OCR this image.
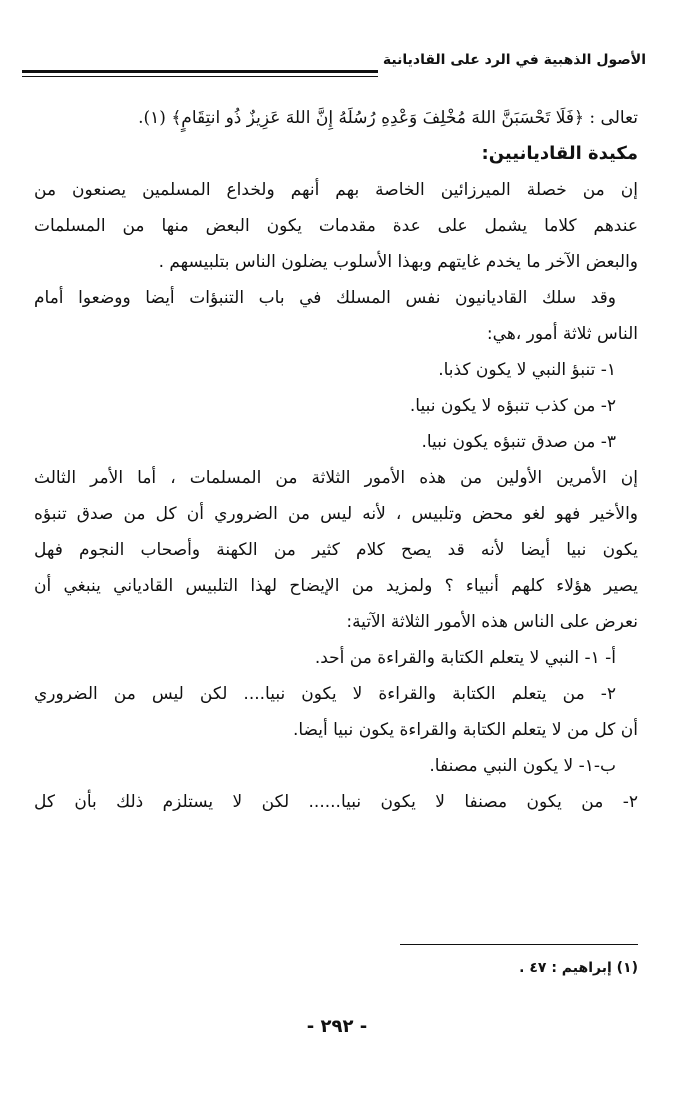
الأصول الذهبية في الرد على القاديانية
تعالى : ﴿فَلَا تَحْسَبَنَّ اللهَ مُخْلِفَ وَعْدِهِ رُسُلَهُ إِنَّ اللهَ عَزِيزٌ ذُو انتِقَامٍ﴾ (١).
مكيدة القاديانيين:
إن من خصلة الميرزائين الخاصة بهم أنهم ولخداع المسلمين يصنعون من
عندهم كلاما يشمل على عدة مقدمات يكون البعض منها من المسلمات
والبعض الآخر ما يخدم غايتهم وبهذا الأسلوب يضلون الناس بتلبيسهم .
وقد سلك القاديانيون نفس المسلك في باب التنبؤات أيضا ووضعوا أمام
الناس ثلاثة أمور ،هي:
١- تنبؤ النبي لا يكون كذبا.
٢- من كذب تنبؤه لا يكون نبيا.
٣- من صدق تنبؤه يكون نبيا.
إن الأمرين الأولين من هذه الأمور الثلاثة من المسلمات ، أما الأمر الثالث
والأخير فهو لغو محض وتلبيس ، لأنه ليس من الضروري أن كل من صدق تنبؤه
يكون نبيا أيضا لأنه قد يصح كلام كثير من الكهنة وأصحاب النجوم فهل
يصير هؤلاء كلهم أنبياء ؟ ولمزيد من الإيضاح لهذا التلبيس القادياني ينبغي أن
نعرض على الناس هذه الأمور الثلاثة الآتية:
أ- ١- النبي لا يتعلم الكتابة والقراءة من أحد.
٢- من يتعلم الكتابة والقراءة لا يكون نبيا.... لكن ليس من الضروري
أن كل من لا يتعلم الكتابة والقراءة يكون نبيا أيضا.
ب-١- لا يكون النبي مصنفا.
٢- من يكون مصنفا لا يكون نبيا...... لكن لا يستلزم ذلك بأن كل
(١) إبراهيم : ٤٧ .
- ٢٩٢ -
